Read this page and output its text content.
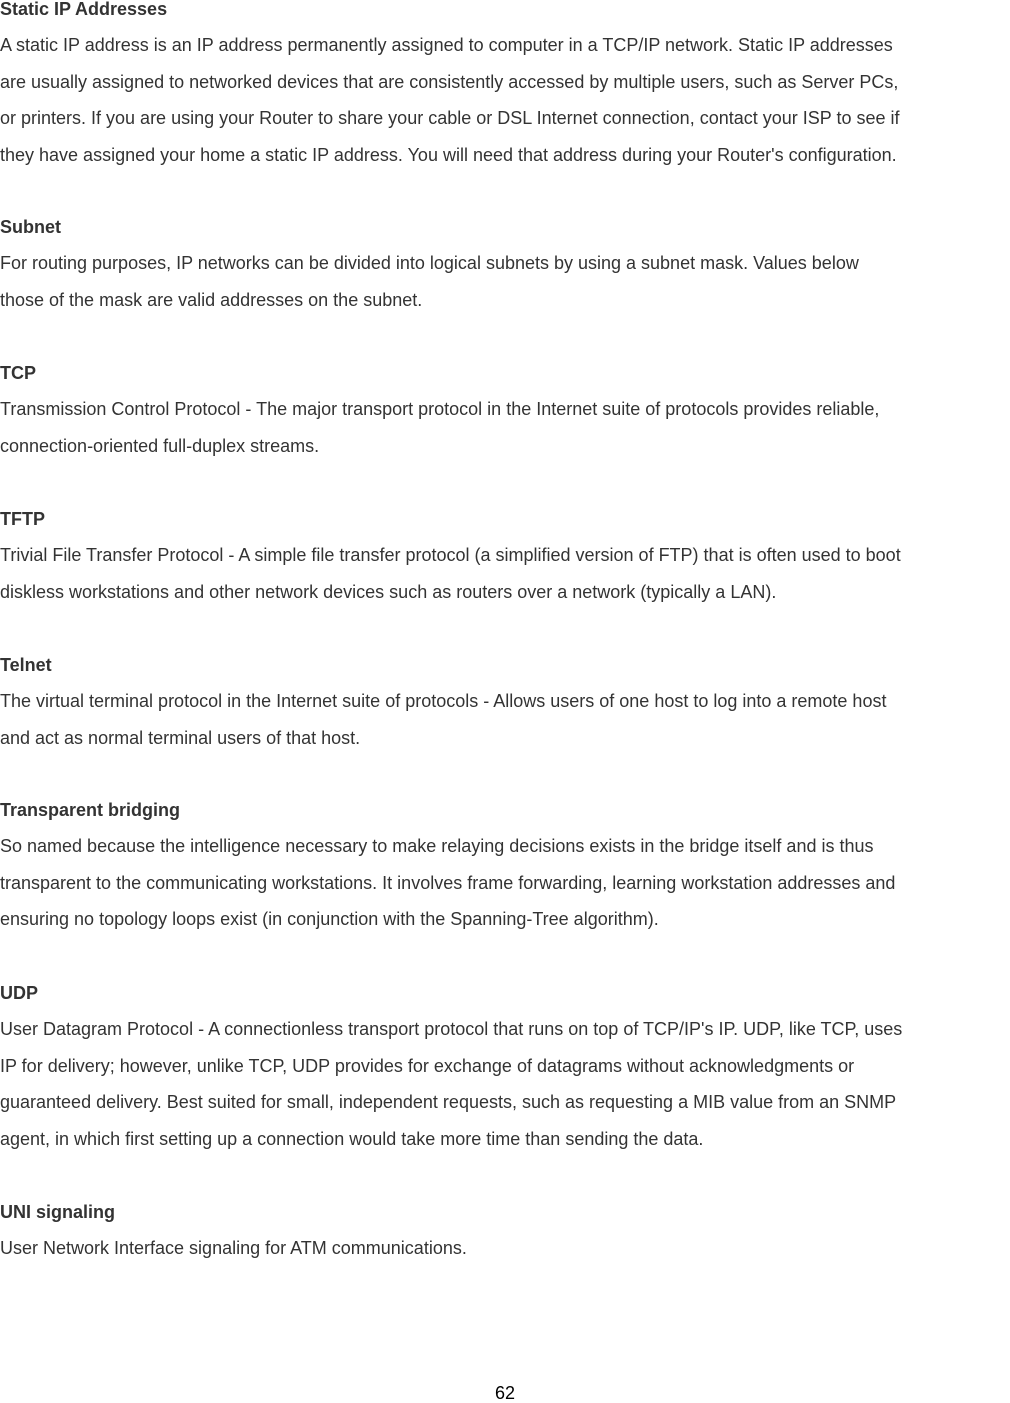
Static IP Addresses
A static IP address is an IP address permanently assigned to computer in a TCP/IP network. Static IP addresses
are usually assigned to networked devices that are consistently accessed by multiple users, such as Server PCs,
or printers. If you are using your Router to share your cable or DSL Internet connection, contact your ISP to see if
they have assigned your home a static IP address. You will need that address during your Router's configuration.
Subnet
For routing purposes, IP networks can be divided into logical subnets by using a subnet mask. Values below
those of the mask are valid addresses on the subnet.
TCP
Transmission Control Protocol - The major transport protocol in the Internet suite of protocols provides reliable,
connection-oriented full-duplex streams.
TFTP
Trivial File Transfer Protocol - A simple file transfer protocol (a simplified version of FTP) that is often used to boot
diskless workstations and other network devices such as routers over a network (typically a LAN).
Telnet
The virtual terminal protocol in the Internet suite of protocols - Allows users of one host to log into a remote host
and act as normal terminal users of that host.
Transparent bridging
So named because the intelligence necessary to make relaying decisions exists in the bridge itself and is thus
transparent to the communicating workstations. It involves frame forwarding, learning workstation addresses and
ensuring no topology loops exist (in conjunction with the Spanning-Tree algorithm).
UDP
User Datagram Protocol - A connectionless transport protocol that runs on top of TCP/IP's IP. UDP, like TCP, uses
IP for delivery; however, unlike TCP, UDP provides for exchange of datagrams without acknowledgments or
guaranteed delivery. Best suited for small, independent requests, such as requesting a MIB value from an SNMP
agent, in which first setting up a connection would take more time than sending the data.
UNI signaling
User Network Interface signaling for ATM communications.
62
